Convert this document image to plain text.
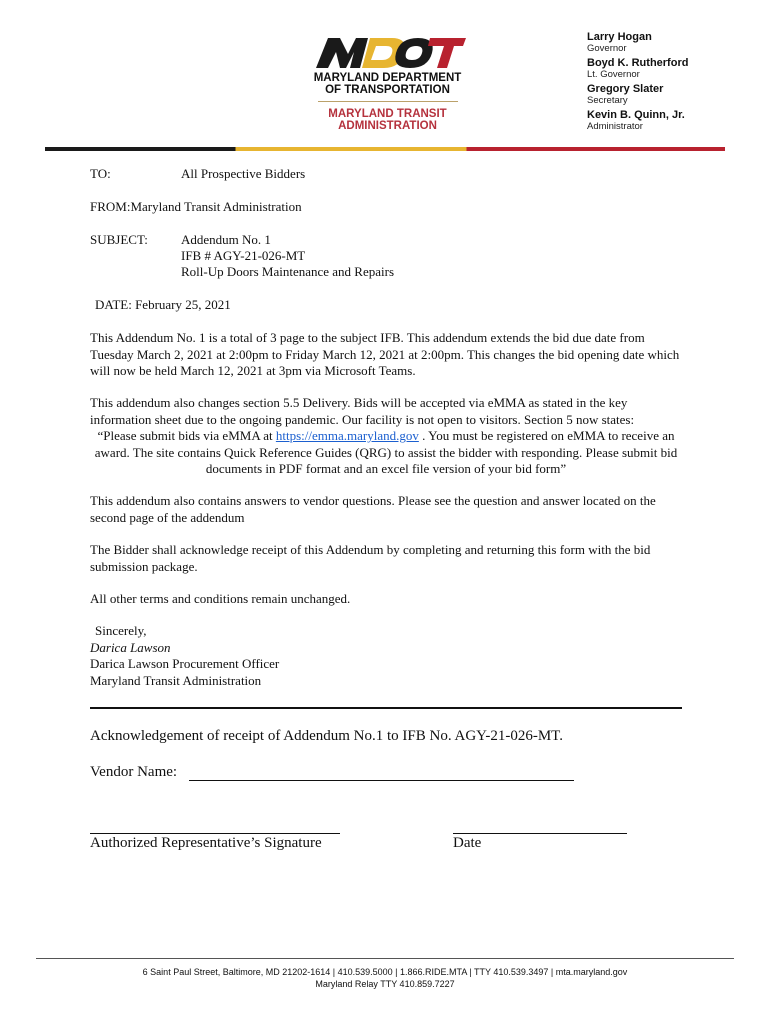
MDOT
MARYLAND DEPARTMENT
OF TRANSPORTATION
MARYLAND TRANSIT
ADMINISTRATION
Larry Hogan
Governor
Boyd K. Rutherford
Lt. Governor
Gregory Slater
Secretary
Kevin B. Quinn, Jr.
Administrator
TO:	All Prospective Bidders
FROM:Maryland Transit Administration
SUBJECT:	Addendum No. 1
IFB # AGY-21-026-MT
Roll-Up Doors Maintenance and Repairs
DATE: February 25, 2021

This Addendum No. 1 is a total of 3 page to the subject IFB. This addendum extends the bid due date from Tuesday March 2, 2021 at 2:00pm to Friday March 12, 2021 at 2:00pm. This changes the bid opening date which will now be held March 12, 2021 at 3pm via Microsoft Teams.

This addendum also changes section 5.5 Delivery. Bids will be accepted via eMMA as stated in the key information sheet due to the ongoing pandemic. Our facility is not open to visitors. Section 5 now states:

“Please submit bids via eMMA at https://emma.maryland.gov . You must be registered on eMMA to receive an award. The site contains Quick Reference Guides (QRG) to assist the bidder with responding. Please submit bid documents in PDF format and an excel file version of your bid form”

This addendum also contains answers to vendor questions. Please see the question and answer located on the second page of the addendum

The Bidder shall acknowledge receipt of this Addendum by completing and returning this form with the bid submission package.

All other terms and conditions remain unchanged.

Sincerely,
Darica Lawson
Darica Lawson Procurement Officer
Maryland Transit Administration
Acknowledgement of receipt of Addendum No.1 to IFB No. AGY-21-026-MT.
Vendor Name:
Authorized Representative’s Signature	Date
6 Saint Paul Street, Baltimore, MD 21202-1614 | 410.539.5000 | 1.866.RIDE.MTA | TTY 410.539.3497 | mta.maryland.gov
Maryland Relay TTY 410.859.7227
